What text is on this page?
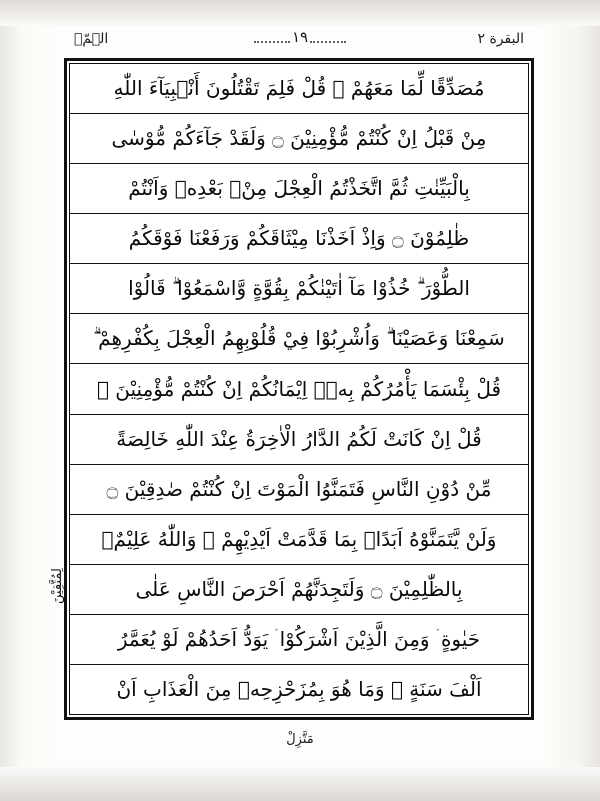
البقرة ٢
١٩
الۤمّۤ
مُصَدِّقًا لِّمَا مَعَهُمْ ۗ قُلْ فَلِمَ تَقْتُلُونَ أَنْۢبِيَآءَ اللّٰهِ
مِنْ قَبْلُ اِنْ كُنْتُمْ مُّؤْمِنِيْنَ ۝ وَلَقَدْ جَآءَكُمْ مُّوْسٰى
بِالْبَيِّنٰتِ ثُمَّ اتَّخَذْتُمُ الْعِجْلَ مِنْۢ بَعْدِهٖ وَاَنْتُمْ
ظٰلِمُوْنَ ۝ وَاِذْ اَخَذْنَا مِيْثَاقَكُمْ وَرَفَعْنَا فَوْقَكُمُ
الطُّوْرَ ۗ خُذُوْا مَآ اٰتَيْنٰكُمْ بِقُوَّةٍ وَّاسْمَعُوْا ۗ قَالُوْا
سَمِعْنَا وَعَصَيْنَا ۗ وَاُشْرِبُوْا فِيْ قُلُوْبِهِمُ الْعِجْلَ بِكُفْرِهِمْ ۗ
قُلْ بِئْسَمَا يَأْمُرُكُمْ بِهٖۤ اِيْمَانُكُمْ اِنْ كُنْتُمْ مُّؤْمِنِيْنَ ۝
قُلْ اِنْ كَانَتْ لَكُمُ الدَّارُ الْاٰخِرَةُ عِنْدَ اللّٰهِ خَالِصَةً
مِّنْ دُوْنِ النَّاسِ فَتَمَنَّوُا الْمَوْتَ اِنْ كُنْتُمْ صٰدِقِيْنَ ۝
وَلَنْ يَّتَمَنَّوْهُ اَبَدًاۢ بِمَا قَدَّمَتْ اَيْدِيْهِمْ ۗ وَاللّٰهُ عَلِيْمٌۢ
بِالظّٰلِمِيْنَ ۝ وَلَتَجِدَنَّهُمْ اَحْرَصَ النَّاسِ عَلٰى
حَيٰوةٍ ۛ وَمِنَ الَّذِيْنَ اَشْرَكُوْا ۛ يَوَدُّ اَحَدُهُمْ لَوْ يُعَمَّرُ
اَلْفَ سَنَةٍ ۚ وَمَا هُوَ بِمُزَحْزِحِهٖ مِنَ الْعَذَابِ اَنْ
لِمُتَّقِيْنَ
مَتَّزِلْ
